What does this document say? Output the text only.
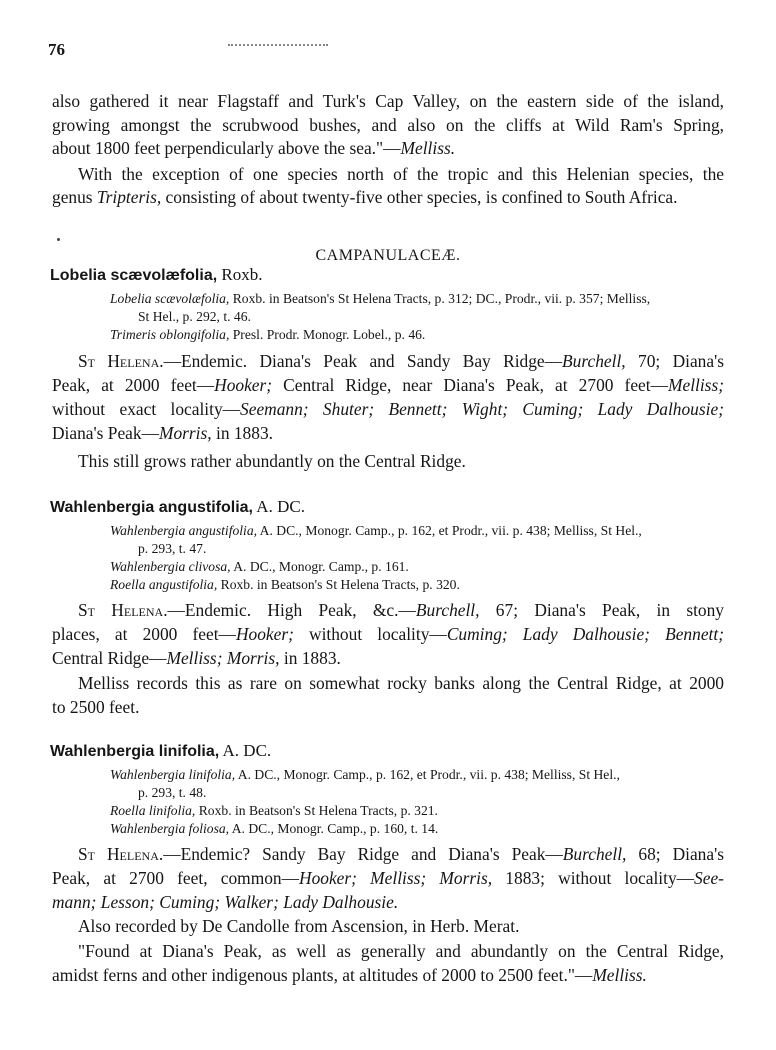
76
also gathered it near Flagstaff and Turk's Cap Valley, on the eastern side of the island,
growing amongst the scrubwood bushes, and also on the cliffs at Wild Ram's Spring,
about 1800 feet perpendicularly above the sea."—Melliss.
With the exception of one species north of the tropic and this Helenian species, the
genus Tripteris, consisting of about twenty-five other species, is confined to South Africa.
CAMPANULACEÆ.
Lobelia scævolæfolia, Roxb.
Lobelia scævolæfolia, Roxb. in Beatson's St Helena Tracts, p. 312; DC., Prodr., vii. p. 357; Melliss,
St Hel., p. 292, t. 46.
Trimeris oblongifolia, Presl. Prodr. Monogr. Lobel., p. 46.
St Helena.—Endemic. Diana's Peak and Sandy Bay Ridge—Burchell, 70; Diana's
Peak, at 2000 feet—Hooker; Central Ridge, near Diana's Peak, at 2700 feet—Melliss;
without exact locality—Seemann; Shuter; Bennett; Wight; Cuming; Lady Dalhousie;
Diana's Peak—Morris, in 1883.
This still grows rather abundantly on the Central Ridge.
Wahlenbergia angustifolia, A. DC.
Wahlenbergia angustifolia, A. DC., Monogr. Camp., p. 162, et Prodr., vii. p. 438; Melliss, St Hel.,
p. 293, t. 47.
Wahlenbergia clivosa, A. DC., Monogr. Camp., p. 161.
Roella angustifolia, Roxb. in Beatson's St Helena Tracts, p. 320.
St Helena.—Endemic. High Peak, &c.—Burchell, 67; Diana's Peak, in stony
places, at 2000 feet—Hooker; without locality—Cuming; Lady Dalhousie; Bennett;
Central Ridge—Melliss; Morris, in 1883.
Melliss records this as rare on somewhat rocky banks along the Central Ridge, at 2000
to 2500 feet.
Wahlenbergia linifolia, A. DC.
Wahlenbergia linifolia, A. DC., Monogr. Camp., p. 162, et Prodr., vii. p. 438; Melliss, St Hel.,
p. 293, t. 48.
Roella linifolia, Roxb. in Beatson's St Helena Tracts, p. 321.
Wahlenbergia foliosa, A. DC., Monogr. Camp., p. 160, t. 14.
St Helena.—Endemic? Sandy Bay Ridge and Diana's Peak—Burchell, 68; Diana's
Peak, at 2700 feet, common—Hooker; Melliss; Morris, 1883; without locality—See-
mann; Lesson; Cuming; Walker; Lady Dalhousie.
Also recorded by De Candolle from Ascension, in Herb. Merat.
"Found at Diana's Peak, as well as generally and abundantly on the Central Ridge,
amidst ferns and other indigenous plants, at altitudes of 2000 to 2500 feet."—Melliss.
